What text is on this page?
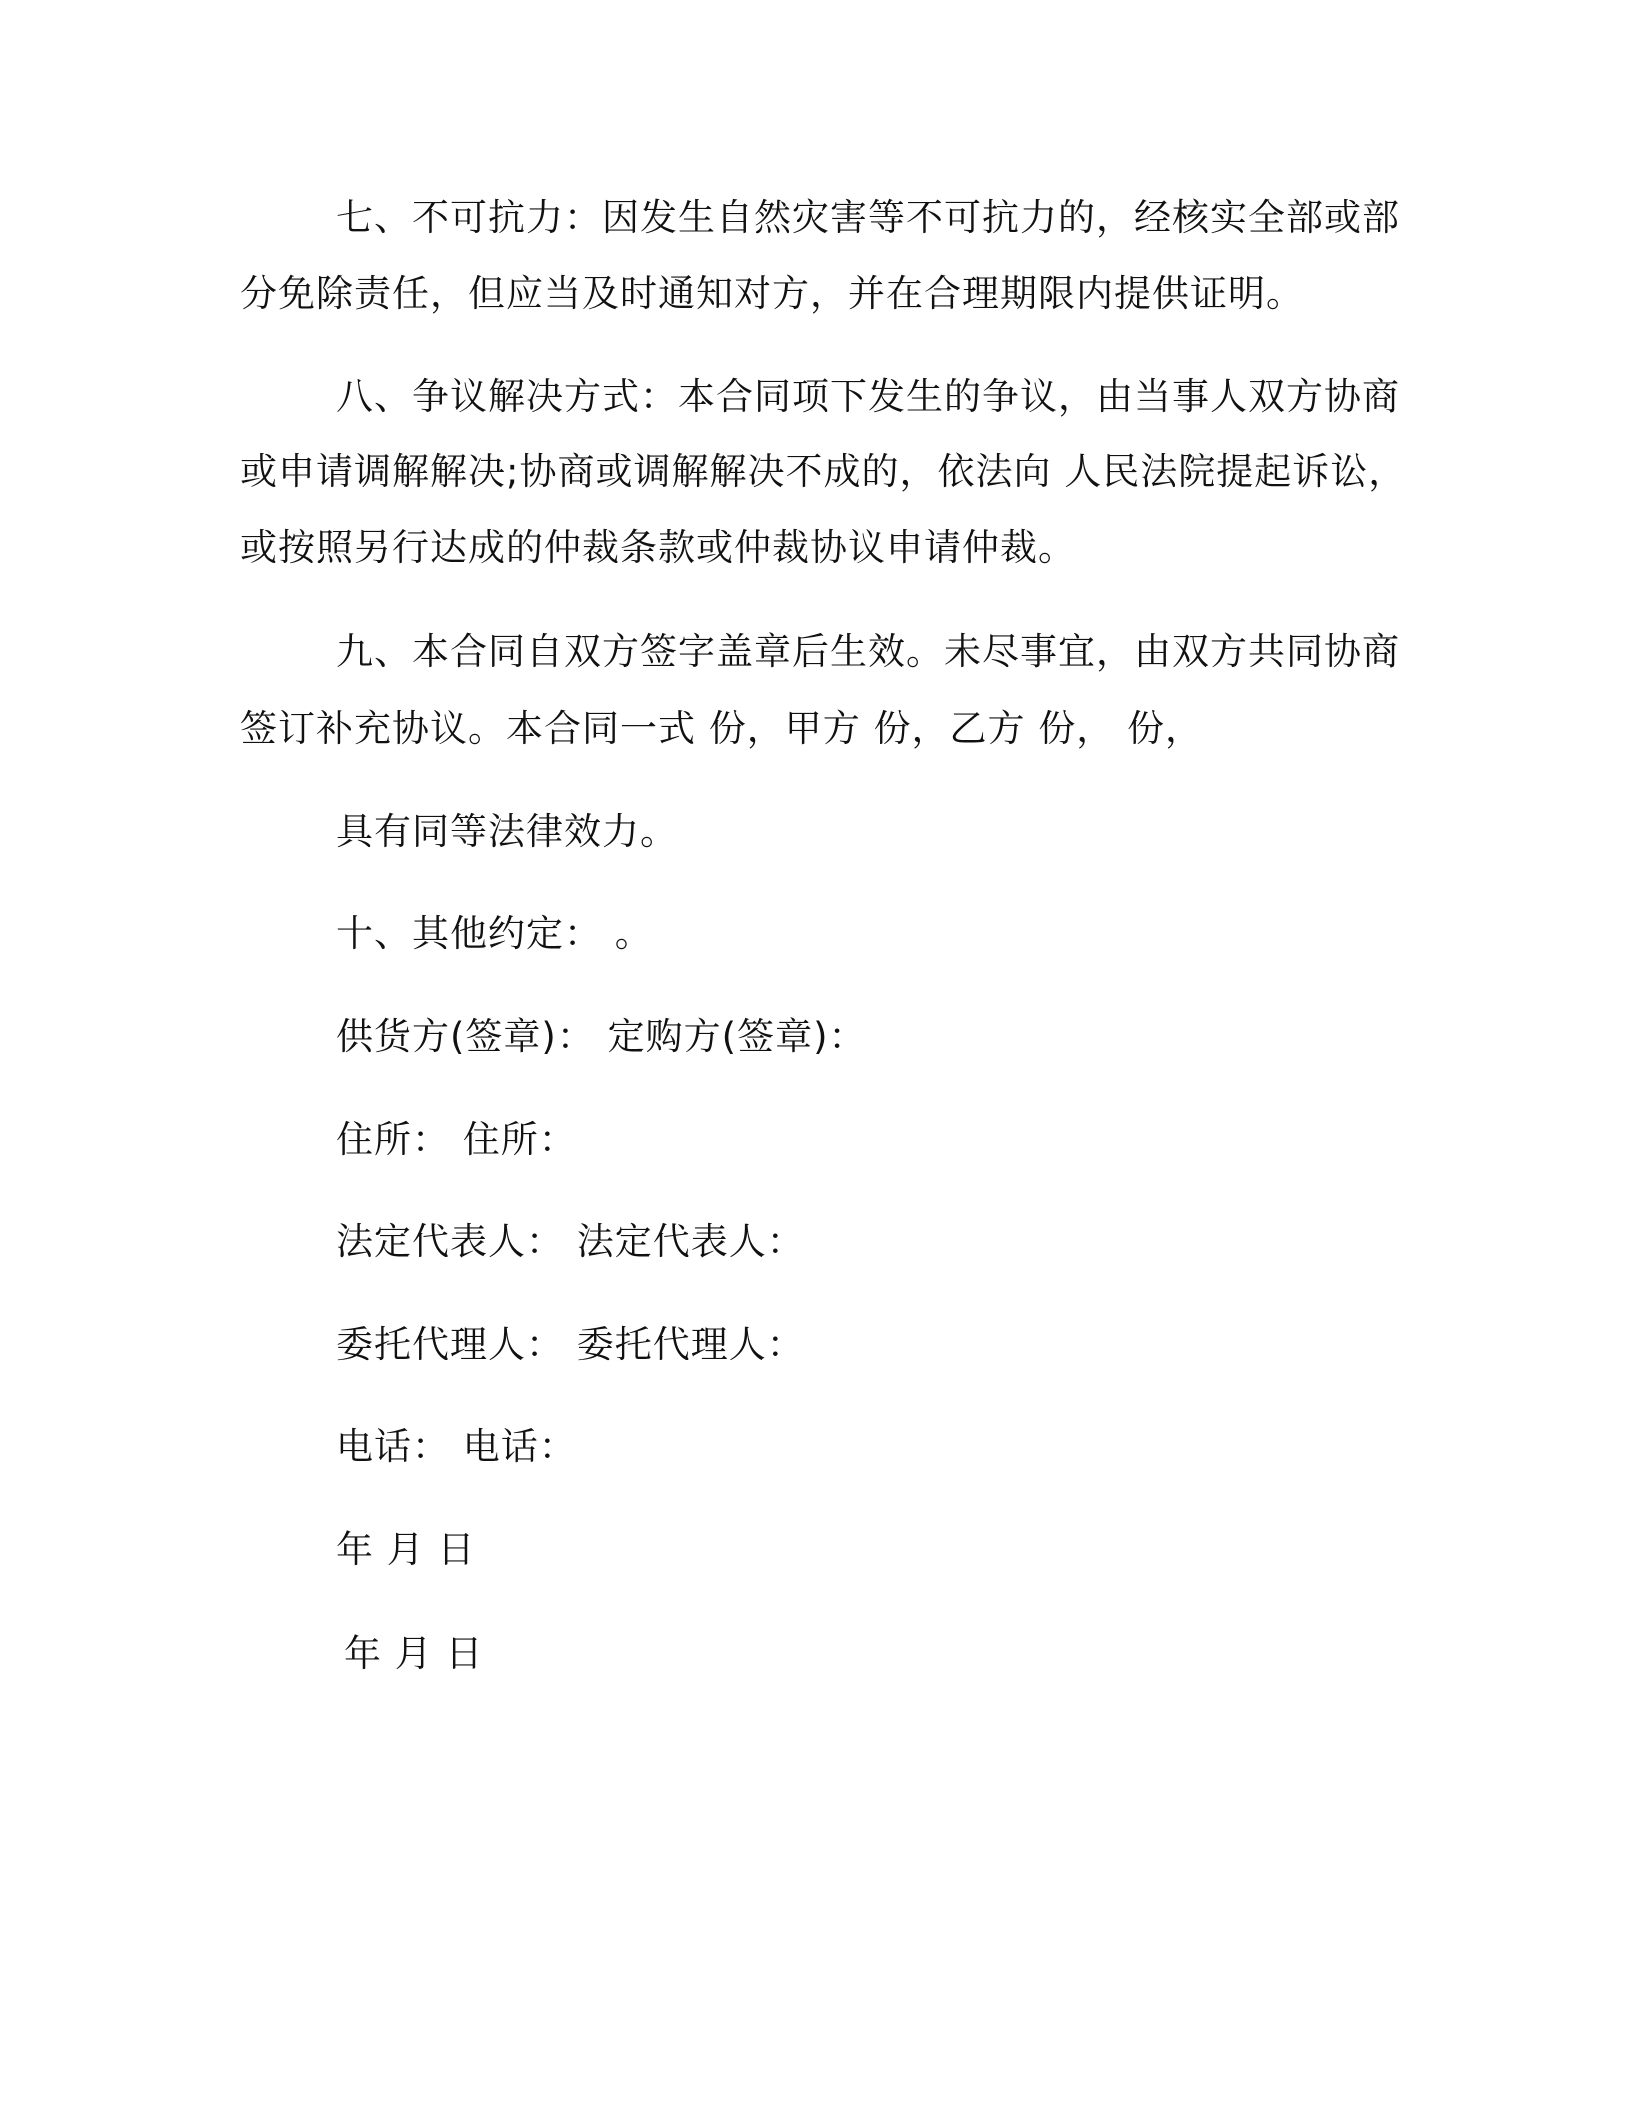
七、不可抗力：因发生自然灾害等不可抗力的，经核实全部或部
分免除责任，但应当及时通知对方，并在合理期限内提供证明。
八、争议解决方式：本合同项下发生的争议，由当事人双方协商
或申请调解解决;协商或调解解决不成的，依法向 人民法院提起诉讼，
或按照另行达成的仲裁条款或仲裁协议申请仲裁。
九、本合同自双方签字盖章后生效。未尽事宜，由双方共同协商
签订补充协议。本合同一式 份，甲方 份，乙方 份， 份，
具有同等法律效力。
十、其他约定： 。
供货方(签章)： 定购方(签章)：
住所： 住所：
法定代表人： 法定代表人：
委托代理人： 委托代理人：
电话： 电话：
年 月 日
年 月 日
